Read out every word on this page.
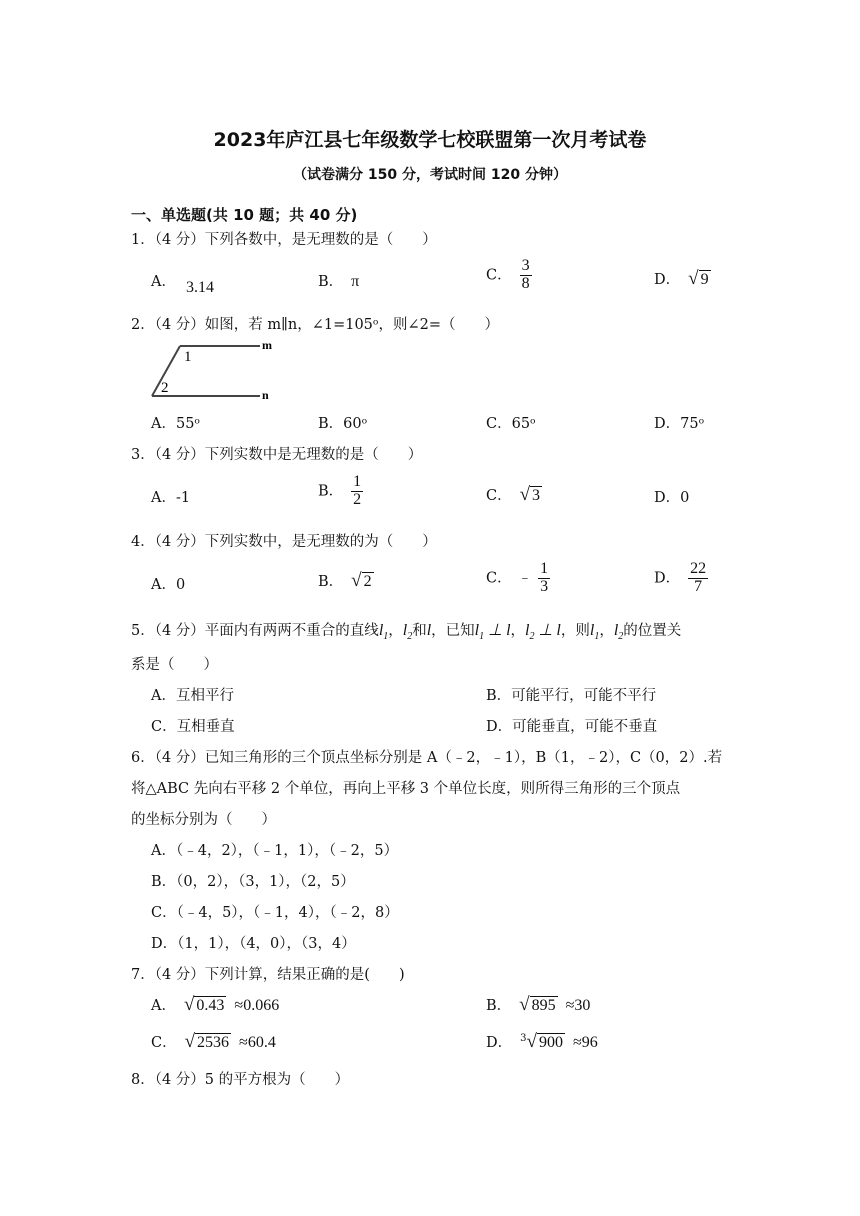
2023年庐江县七年级数学七校联盟第一次月考试卷
（试卷满分 150 分，考试时间 120 分钟）
一、单选题(共 10 题；共 40 分)
1．（4 分）下列各数中，是无理数的是（　　）
A． 3.14	B． π	C． $\frac{3}{8}$	D． √ 9
2．（4 分）如图，若 m∥n，∠1=105ᵒ，则∠2=（　　）
m
n
1
2
A．55ᵒ	B．60ᵒ	C．65ᵒ	D．75ᵒ
3．（4 分）下列实数中是无理数的是（　　）
A．-1	B． $\frac{1}{2}$	C． √ 3	D．0
4．（4 分）下列实数中，是无理数的为（　　）
A．0	B． √ 2	C． ﹣ $\frac{1}{3}$	D． $\frac{22}{7}$
5．（4 分）平面内有两两不重合的直线$l_1$，$l_2$和l，已知$l_1$ ⊥ l，$l_2$ ⊥ l，则$l_1$，$l_2$的位置关
系是（　　）
A．互相平行	B．可能平行，可能不平行
C．互相垂直	D．可能垂直，可能不垂直
6．（4 分）已知三角形的三个顶点坐标分别是 A（﹣2，﹣1），B（1，﹣2），C（0，2）.若
将△ABC 先向右平移 2 个单位，再向上平移 3 个单位长度，则所得三角形的三个顶点
的坐标分别为（　　）
A．（﹣4，2），（﹣1，1），（﹣2，5）
B．（0，2），（3，1），（2，5）
C．（﹣4，5），（﹣1，4），（﹣2，8）
D．（1，1），（4，0），（3，4）
7．（4 分）下列计算，结果正确的是(　　)
A． √ 0.43 ≈0.066	B． √ 895 ≈30
C． √ 2536 ≈60.4	D． $^3$√ 900 ≈96
8．（4 分）5 的平方根为（　　）
